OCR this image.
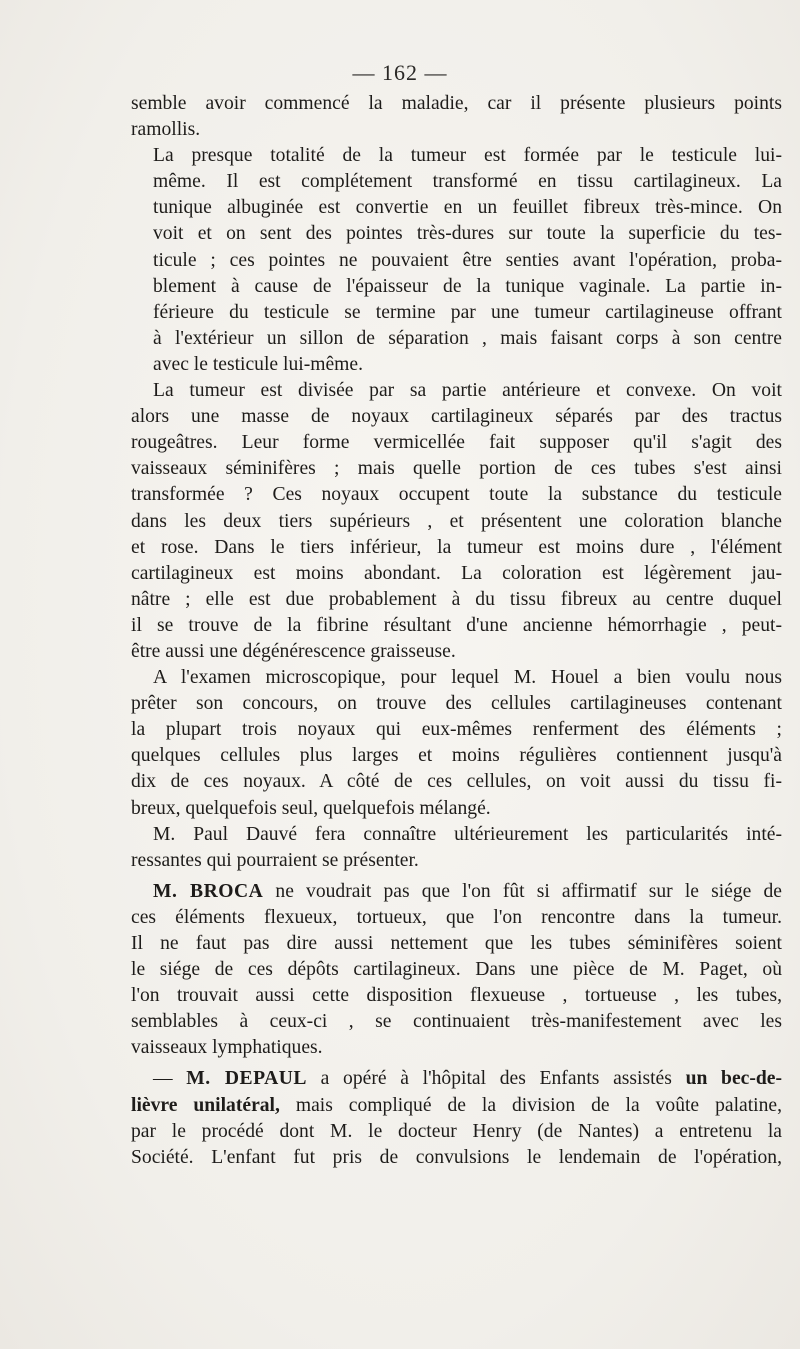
— 162 —

semble avoir commencé la maladie, car il présente plusieurs points
ramollis.

La presque totalité de la tumeur est formée par le testicule lui-
même. Il est complétement transformé en tissu cartilagineux. La
tunique albuginée est convertie en un feuillet fibreux très-mince. On
voit et on sent des pointes très-dures sur toute la superficie du tes-
ticule ; ces pointes ne pouvaient être senties avant l'opération, proba-
blement à cause de l'épaisseur de la tunique vaginale. La partie in-
férieure du testicule se termine par une tumeur cartilagineuse offrant
à l'extérieur un sillon de séparation , mais faisant corps à son centre
avec le testicule lui-même.

La tumeur est divisée par sa partie antérieure et convexe. On voit
alors une masse de noyaux cartilagineux séparés par des tractus
rougeâtres. Leur forme vermicellée fait supposer qu'il s'agit des
vaisseaux séminifères ; mais quelle portion de ces tubes s'est ainsi
transformée ? Ces noyaux occupent toute la substance du testicule
dans les deux tiers supérieurs , et présentent une coloration blanche
et rose. Dans le tiers inférieur, la tumeur est moins dure , l'élément
cartilagineux est moins abondant. La coloration est légèrement jau-
nâtre ; elle est due probablement à du tissu fibreux au centre duquel
il se trouve de la fibrine résultant d'une ancienne hémorrhagie , peut-
être aussi une dégénérescence graisseuse.

A l'examen microscopique, pour lequel M. Houel a bien voulu nous
prêter son concours, on trouve des cellules cartilagineuses contenant
la plupart trois noyaux qui eux-mêmes renferment des éléments ;
quelques cellules plus larges et moins régulières contiennent jusqu'à
dix de ces noyaux. A côté de ces cellules, on voit aussi du tissu fi-
breux, quelquefois seul, quelquefois mélangé.

M. Paul Dauvé fera connaître ultérieurement les particularités inté-
ressantes qui pourraient se présenter.

M. BROCA ne voudrait pas que l'on fût si affirmatif sur le siége de
ces éléments flexueux, tortueux, que l'on rencontre dans la tumeur.
Il ne faut pas dire aussi nettement que les tubes séminifères soient
le siége de ces dépôts cartilagineux. Dans une pièce de M. Paget, où
l'on trouvait aussi cette disposition flexueuse , tortueuse , les tubes,
semblables à ceux-ci , se continuaient très-manifestement avec les
vaisseaux lymphatiques.

— M. DEPAUL a opéré à l'hôpital des Enfants assistés un bec-de-
lièvre unilatéral, mais compliqué de la division de la voûte palatine,
par le procédé dont M. le docteur Henry (de Nantes) a entretenu la
Société. L'enfant fut pris de convulsions le lendemain de l'opération,
